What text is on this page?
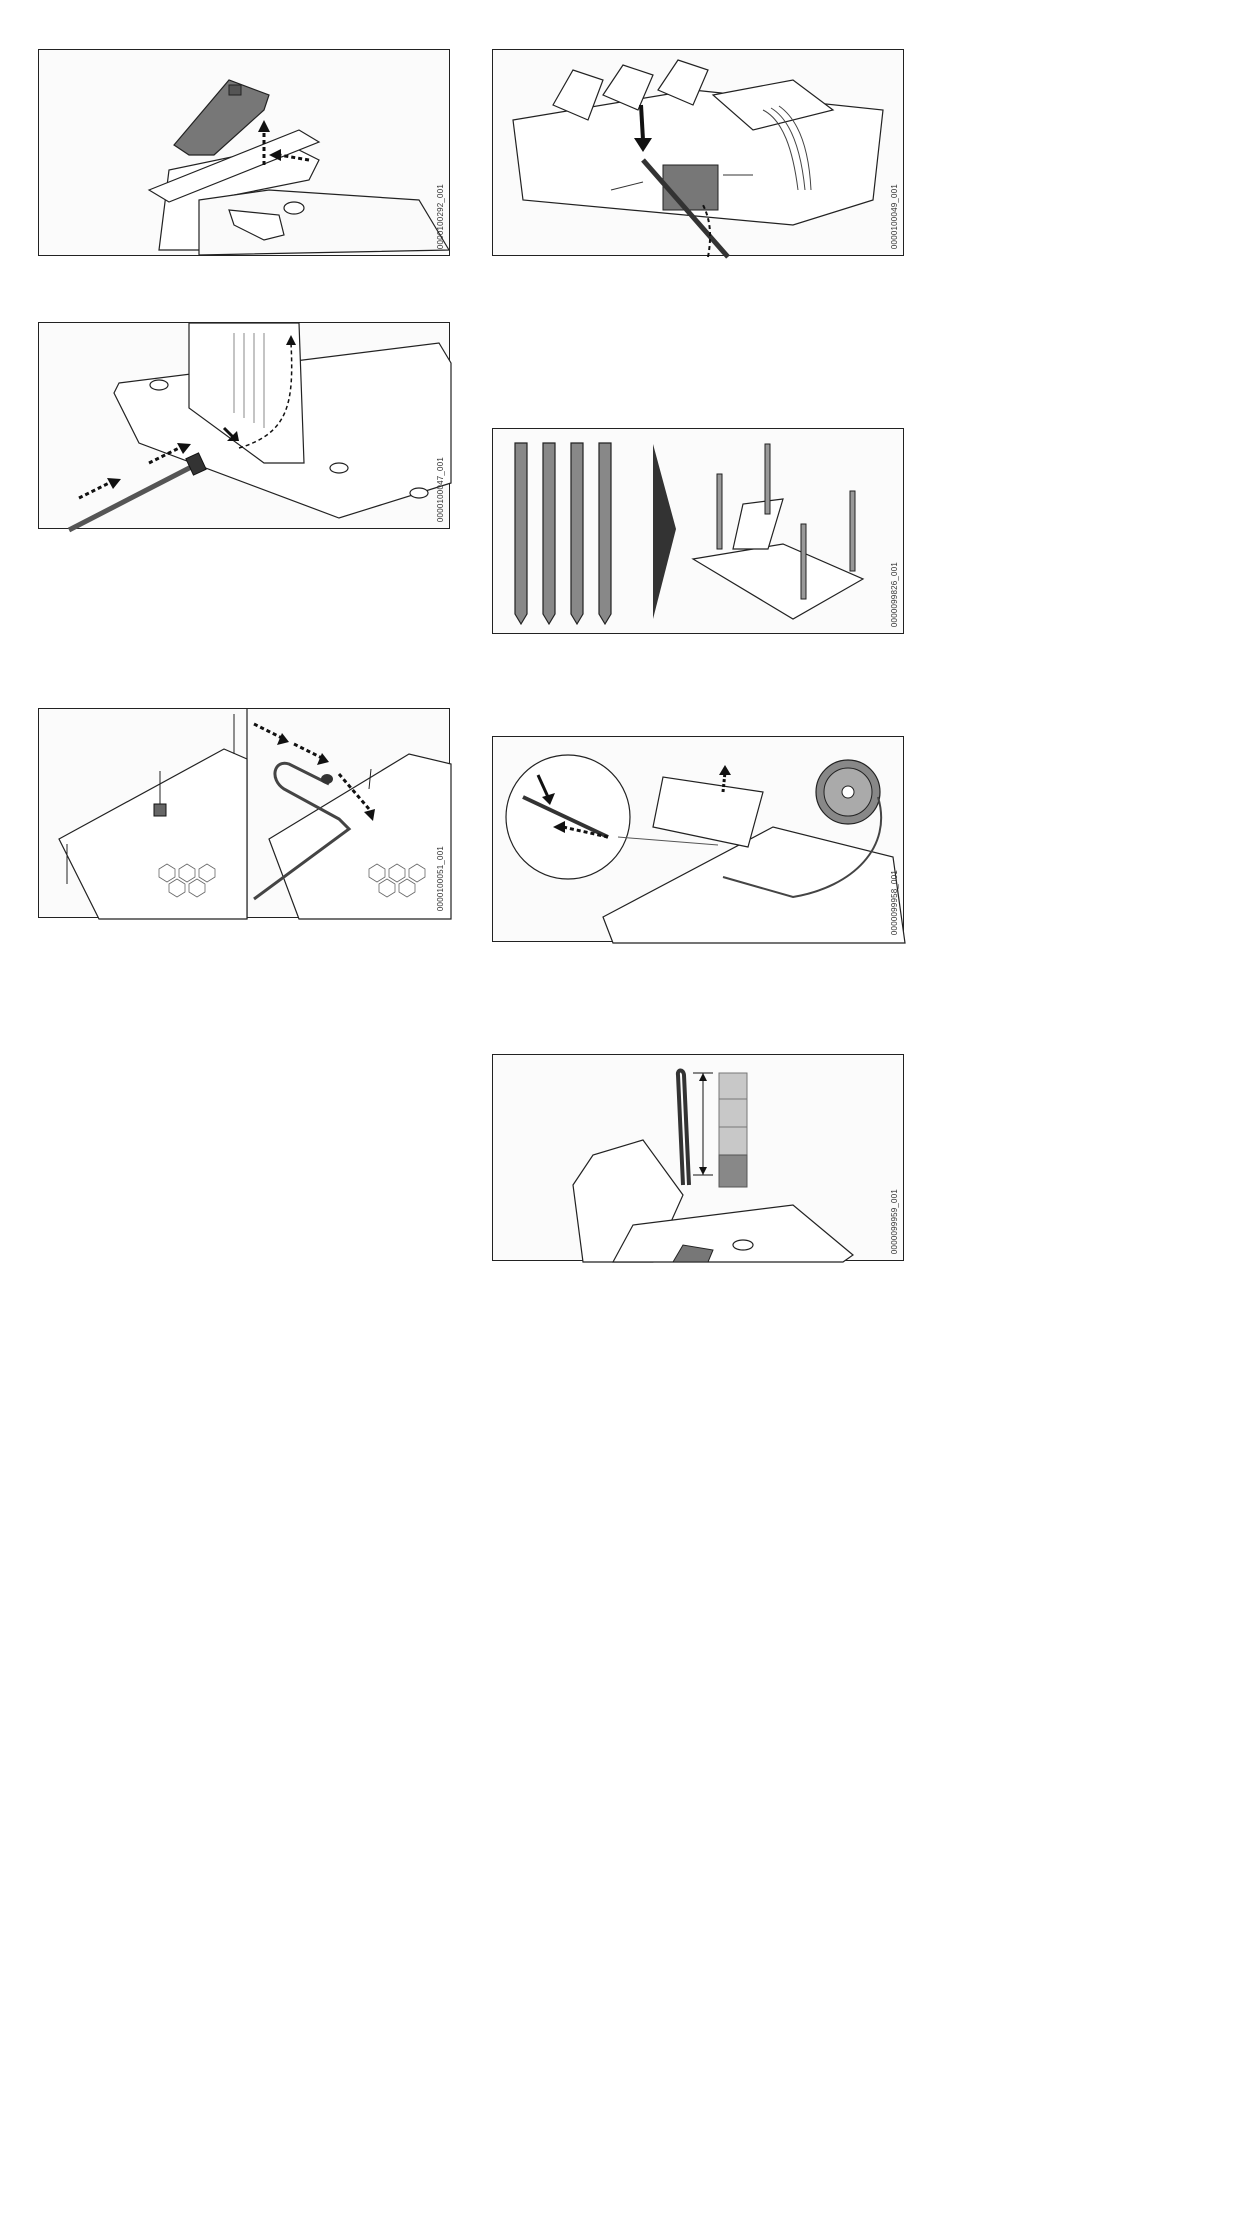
0000100292_001	0000100049_001
0000100047_001
0000099826_001
0000100051_001	0000099958_001
iMOW
0000099959_001
